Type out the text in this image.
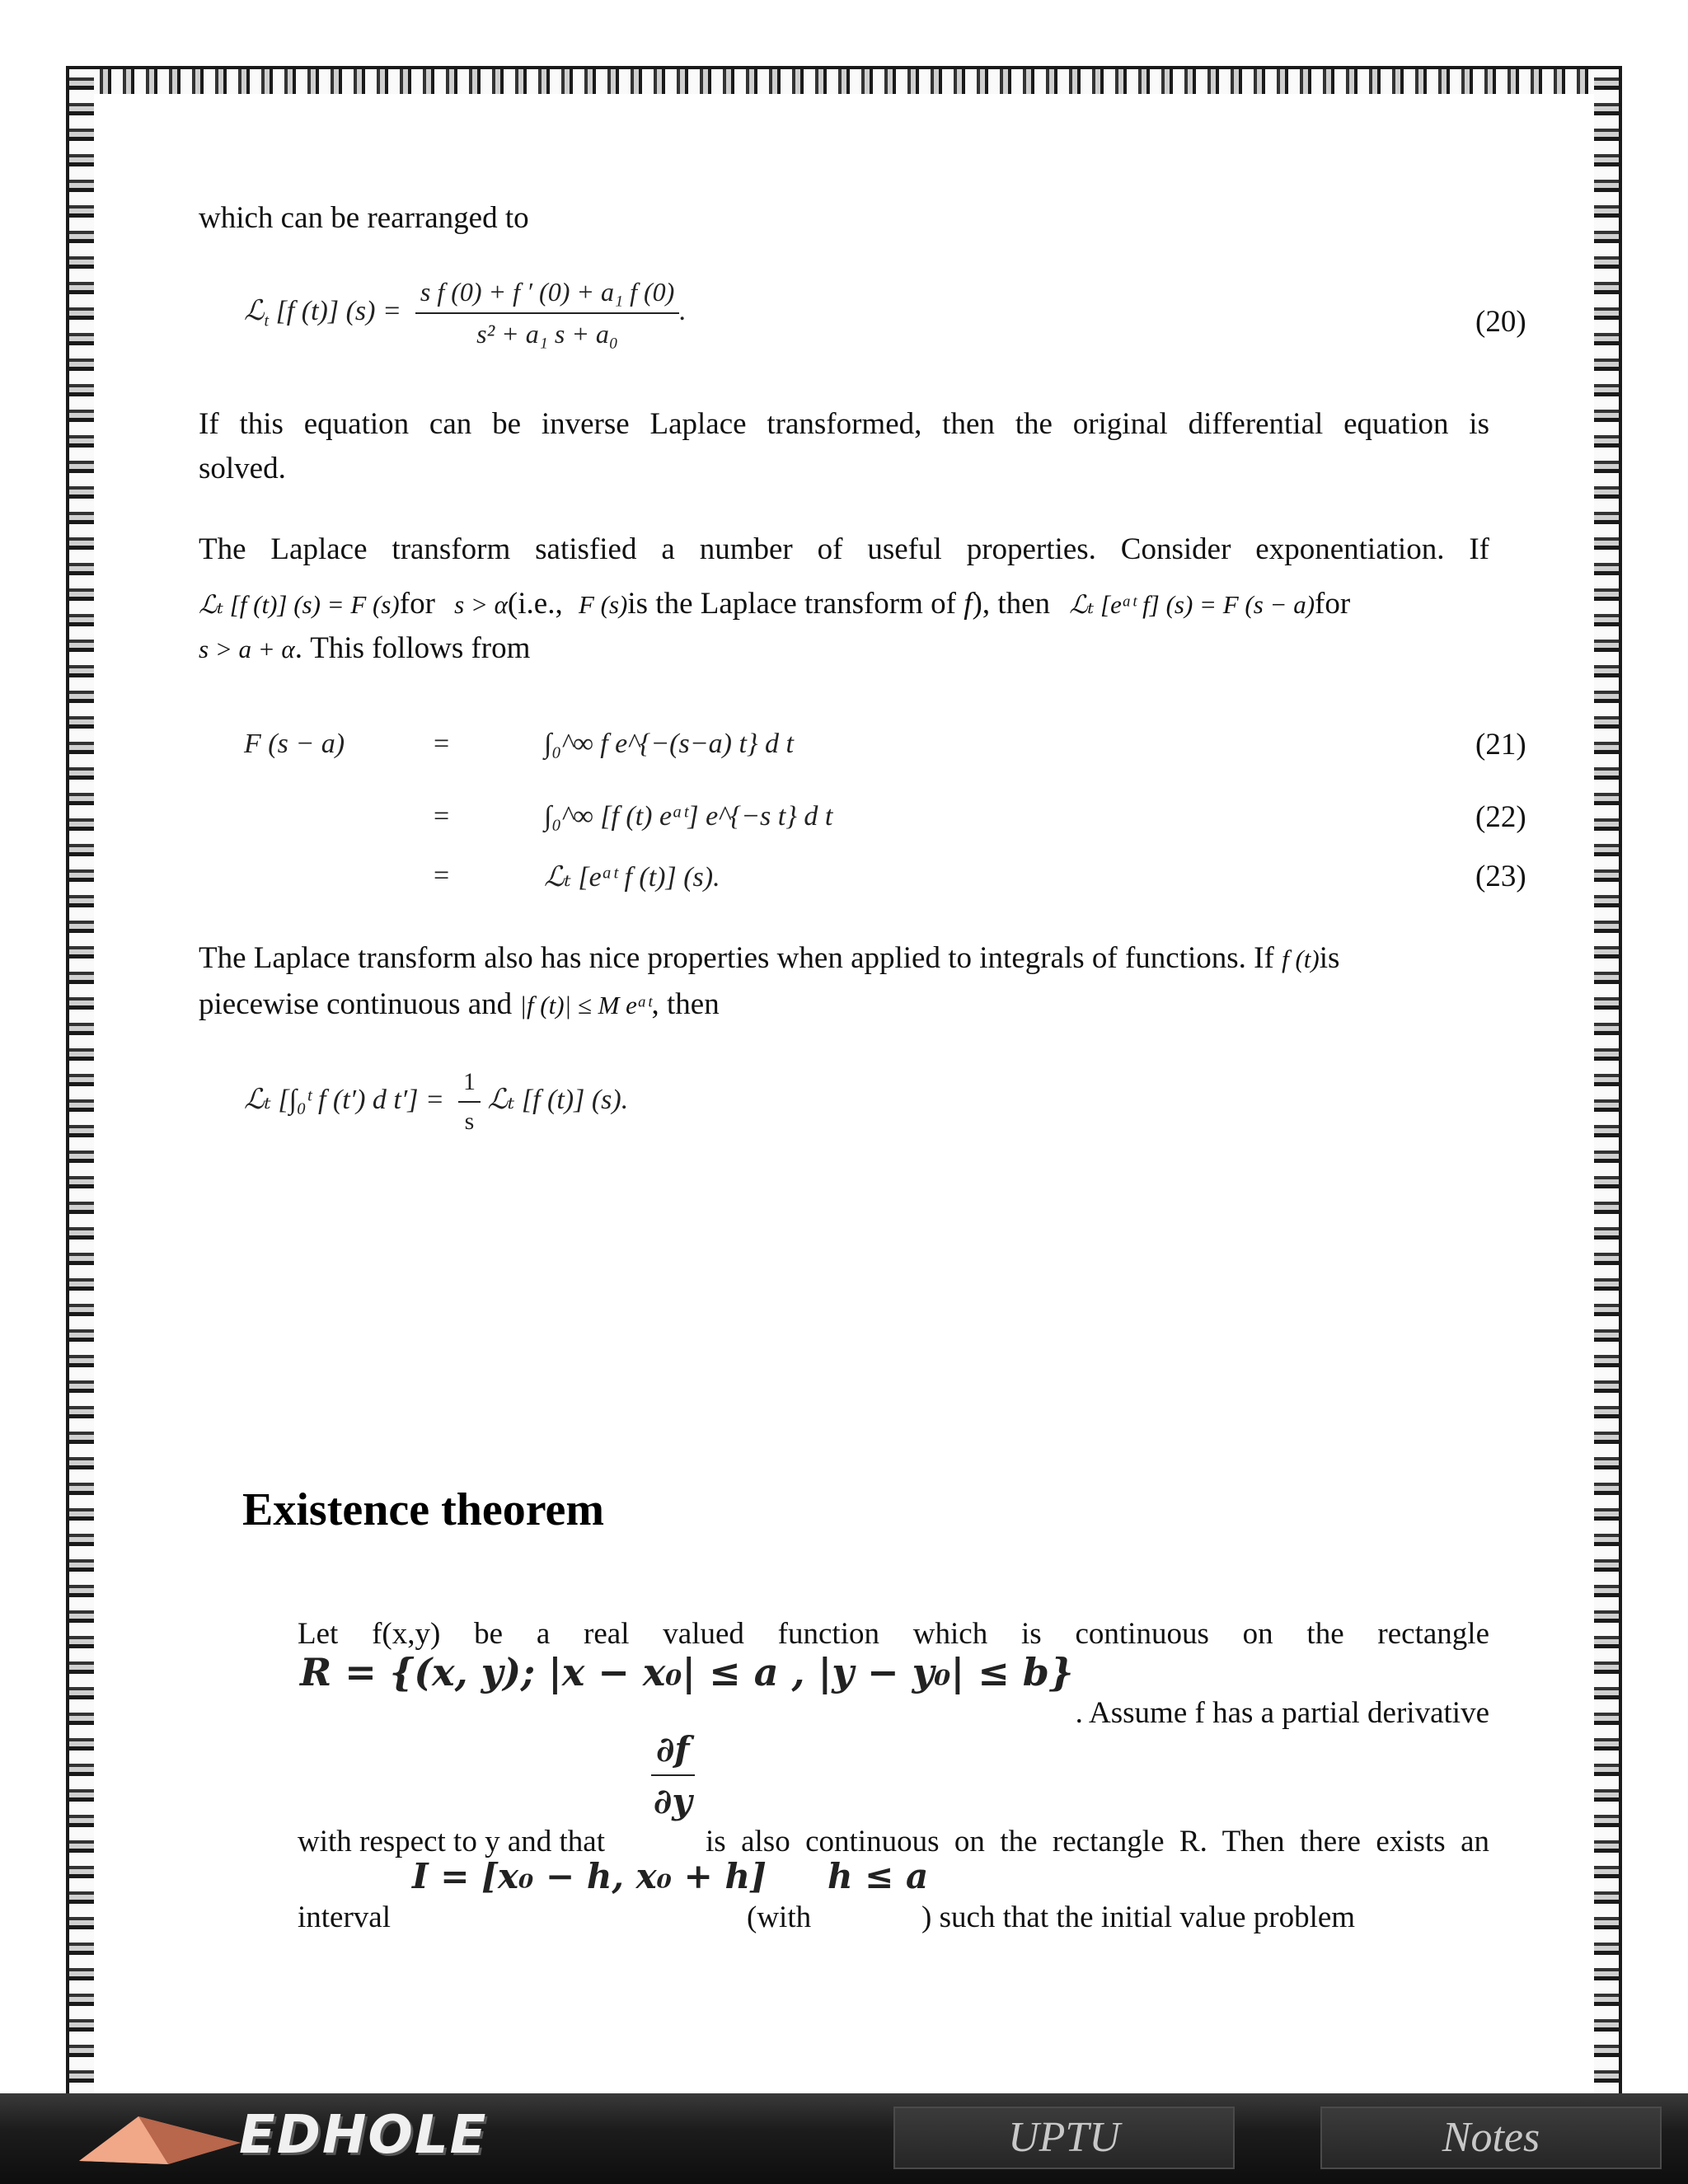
which can be rearranged to
ℒ$_t$ [f (t)] $(s) = \frac{\text{s f (0) + f ′ (0) + a₁ f (0)}}{\text{s² + a₁ s + a₀}}$ .	(20)
If this equation can be inverse Laplace transformed, then the original differential equation is
solved.
The Laplace transform satisfied a number of useful properties. Consider exponentiation. If
ℒₜ [f (t)] (s) = F (s)for s > α(i.e., F (s)is the Laplace transform of f), then ℒₜ [eᵃᵗ f] (s) = F (s − a)for
s > a + α. This follows from
F (s − a)	=	∫₀^∞ f e^{−(s−a) t} d t	(21)
=	∫₀^∞ [f (t) eᵃᵗ] e^{−s t} d t	(22)
=	ℒₜ [eᵃᵗ f (t)] (s).	(23)
The Laplace transform also has nice properties when applied to integrals of functions. If f (t)is
piecewise continuous and |f (t)| ≤ M eᵃᵗ, then
ℒₜ [∫₀ᵗ f (t′) d $t'] = \frac{1}{s}$ ℒₜ [f (t)] (s).
Existence theorem
Let f(x,y) be a real valued function which is continuous on the rectangle
R = {(x, y); |x − x₀| ≤ a , |y − y₀| ≤ b}
. Assume f has a partial derivative
$\frac{\partial f}{\partial y}$
with respect to y and that	is also continuous on the rectangle R. Then there exists an
interval
I = [x₀ − h, x₀ + h]
(with
h ≤ a
) such that the initial value problem
EDHOLE	UPTU	Notes
